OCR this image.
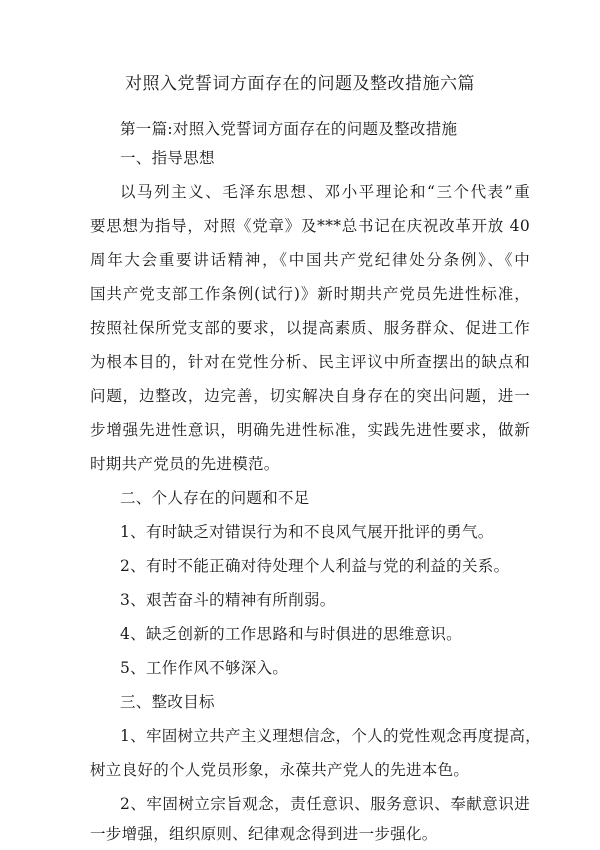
对照入党誓词方面存在的问题及整改措施六篇
第一篇:对照入党誓词方面存在的问题及整改措施
一、指导思想
以马列主义、毛泽东思想、邓小平理论和“三个代表”重
要思想为指导，对照《党章》及***总书记在庆祝改革开放 40
周年大会重要讲话精神，《中国共产党纪律处分条例》、《中
国共产党支部工作条例(试行)》新时期共产党员先进性标准，
按照社保所党支部的要求，以提高素质、服务群众、促进工作
为根本目的，针对在党性分析、民主评议中所查摆出的缺点和
问题，边整改，边完善，切实解决自身存在的突出问题，进一
步增强先进性意识，明确先进性标准，实践先进性要求，做新
时期共产党员的先进模范。
二、个人存在的问题和不足
1、有时缺乏对错误行为和不良风气展开批评的勇气。
2、有时不能正确对待处理个人利益与党的利益的关系。
3、艰苦奋斗的精神有所削弱。
4、缺乏创新的工作思路和与时俱进的思维意识。
5、工作作风不够深入。
三、整改目标
1、牢固树立共产主义理想信念，个人的党性观念再度提高，
树立良好的个人党员形象，永葆共产党人的先进本色。
2、牢固树立宗旨观念，责任意识、服务意识、奉献意识进
一步增强，组织原则、纪律观念得到进一步强化。
